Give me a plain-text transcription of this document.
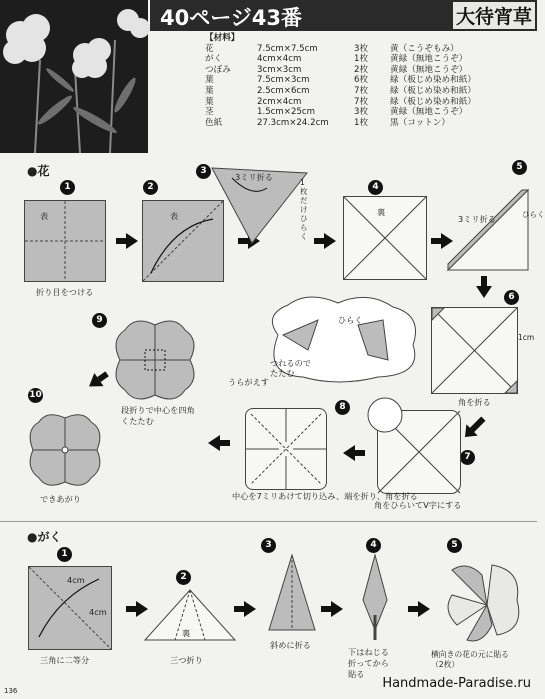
40ページ43番	大待宵草
【材料】
花	7.5cm×7.5cm	3枚	黄（こうぞもみ）
がく	4cm×4cm	1枚	黄緑（無地こうぞ）
つぼみ	3cm×3cm	2枚	黄緑（無地こうぞ）
葉	7.5cm×3cm	6枚	緑（板じめ染め和紙）
葉	2.5cm×6cm	7枚	緑（板じめ染め和紙）
葉	2cm×4cm	7枚	緑（板じめ染め和紙）
茎	1.5cm×25cm	3枚	黄緑（無地こうぞ）
色紙	27.3cm×24.2cm	1枚	黒（コットン）
●花
1
表
折り目をつける
2
表
3
3ミリ折る
1枚だけひらく
4
裏
5
3ミリ折る	ひらく
6
1cm
角を折る
ひらく
つれるのでたたむ
7
角をひらいてV字にする
8
中心を7ミリあけて切り込み、端を折り、角を折る
9
うらがえす
段折りで中心を四角くたたむ
10
できあがり
●がく
1
4cm
4cm
三角に二等分
2
裏
三つ折り
3
斜めに折る
4
下はねじる折ってから貼る
5
横向きの花の元に貼る（2枚）
136	Handmade-Paradise.ru
